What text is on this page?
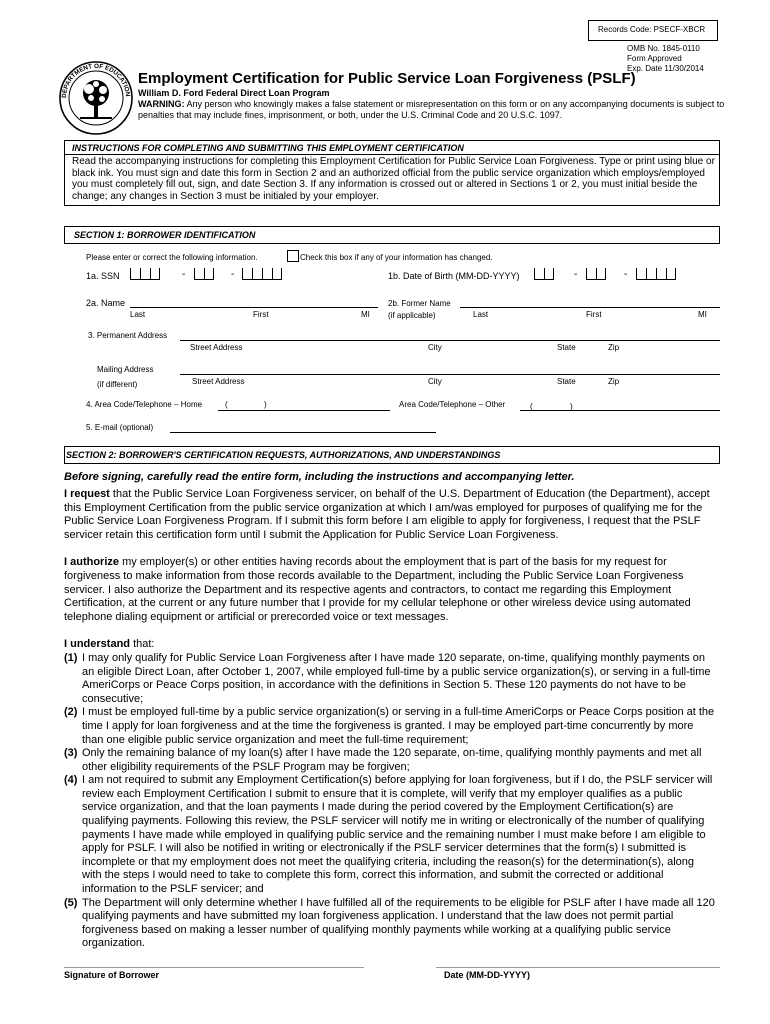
Records Code: PSECF-XBCR
OMB No. 1845-0110
Form Approved
Exp. Date 11/30/2014
DEPARTMENT OF EDUCATION
Employment Certification for Public Service Loan Forgiveness (PSLF)
William D. Ford Federal Direct Loan Program
WARNING: Any person who knowingly makes a false statement or misrepresentation on this form or on any accompanying documents is subject to penalties that may include fines, imprisonment, or both, under the U.S. Criminal Code and 20 U.S.C. 1097.
INSTRUCTIONS FOR COMPLETING AND SUBMITTING THIS EMPLOYMENT CERTIFICATION
Read the accompanying instructions for completing this Employment Certification for Public Service Loan Forgiveness. Type or print using blue or black ink. You must sign and date this form in Section 2 and an authorized official from the public service organization which employs/employed you must completely fill out, sign, and date Section 3. If any information is crossed out or altered in Sections 1 or 2, you must initial beside the change; any changes in Section 3 must be initialed by your employer.
SECTION 1: BORROWER IDENTIFICATION
Please enter or correct the following information.	Check this box if any of your information has changed.
1a. SSN	-	-	1b. Date of Birth (MM-DD-YYYY)	-	-
2a. Name
Last	First	MI
2b. Former Name
(if applicable)	Last	First	MI
3. Permanent Address
Street Address	City	State	Zip
Mailing Address
(if different)	Street Address	City	State	Zip
4. Area Code/Telephone – Home	(	)	Area Code/Telephone – Other	(	)
5. E-mail (optional)
SECTION 2: BORROWER'S CERTIFICATION REQUESTS, AUTHORIZATIONS, AND UNDERSTANDINGS
Before signing, carefully read the entire form, including the instructions and accompanying letter.

I request that the Public Service Loan Forgiveness servicer, on behalf of the U.S. Department of Education (the Department), accept this Employment Certification from the public service organization at which I am/was employed for purposes of qualifying me for the Public Service Loan Forgiveness Program. If I submit this form before I am eligible to apply for forgiveness, I request that the PSLF servicer retain this certification form until I submit the Application for Public Service Loan Forgiveness.

I authorize my employer(s) or other entities having records about the employment that is part of the basis for my request for forgiveness to make information from those records available to the Department, including the Public Service Loan Forgiveness servicer. I also authorize the Department and its respective agents and contractors, to contact me regarding this Employment Certification, at the current or any future number that I provide for my cellular telephone or other wireless device using automated telephone dialing equipment or artificial or prerecorded voice or text messages.

I understand that:

(1) I may only qualify for Public Service Loan Forgiveness after I have made 120 separate, on-time, qualifying monthly payments on an eligible Direct Loan, after October 1, 2007, while employed full-time by a public service organization(s), or serving in a full-time AmeriCorps or Peace Corps position, in accordance with the definitions in Section 5. These 120 payments do not have to be consecutive;
(2) I must be employed full-time by a public service organization(s) or serving in a full-time AmeriCorps or Peace Corps position at the time I apply for loan forgiveness and at the time the forgiveness is granted. I may be employed part-time concurrently by more than one eligible public service organization and meet the full-time requirement;
(3) Only the remaining balance of my loan(s) after I have made the 120 separate, on-time, qualifying monthly payments and met all other eligibility requirements of the PSLF Program may be forgiven;
(4) I am not required to submit any Employment Certification(s) before applying for loan forgiveness, but if I do, the PSLF servicer will review each Employment Certification I submit to ensure that it is complete, will verify that my employer qualifies as a public service organization, and that the loan payments I made during the period covered by the Employment Certification(s) are qualifying payments. Following this review, the PSLF servicer will notify me in writing or electronically of the number of qualifying payments I have made while employed in qualifying public service and the remaining number I must make before I am eligible to apply for PSLF. I will also be notified in writing or electronically if the PSLF servicer determines that the form(s) I submitted is incomplete or that my employment does not meet the qualifying criteria, including the reason(s) for the determination(s), along with the steps I would need to take to complete this form, correct this information, and submit the corrected or additional information to the PSLF servicer; and
(5) The Department will only determine whether I have fulfilled all of the requirements to be eligible for PSLF after I have made all 120 qualifying payments and have submitted my loan forgiveness application. I understand that the law does not permit partial forgiveness based on making a lesser number of qualifying monthly payments while working at a qualifying public service organization.
Signature of Borrower	Date (MM-DD-YYYY)
